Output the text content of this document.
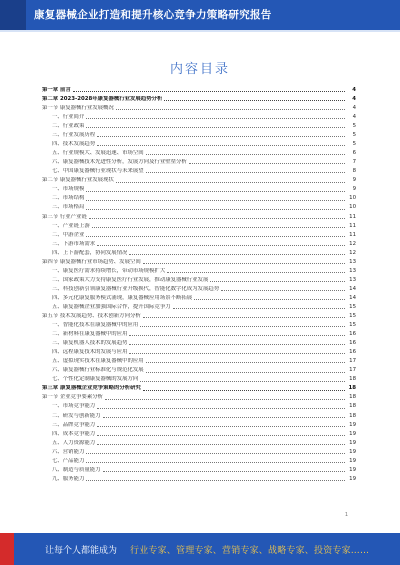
康复器械企业打造和提升核心竞争力策略研究报告
内容目录
第一章 前言	4
第二章 2023-2028年康复器械行业发展趋势分析	4
第一节 康复器械行业发展概况	4
一、行业简介	4
二、行业政策	5
三、行业发展历程	5
四、技术发展趋势	5
五、行业规模大、发展迅速、市场空间	6
六、康复器械技术先进性分析，发展方向及行业壁垒分析	7
七、中国康复器械行业现状与未来展望	8
第二节 康复器械行业发展现状	9
一、市场规模	9
二、市场结构	10
三、市场格局	10
第三节 行业产业链	11
一、产业链上游	11
二、中游企业	11
三、下游市场需求	12
四、上下游配套，协同发展情况	12
第四节 康复器械行业市场趋势、发展空间	13
一、康复医疗需求持续增长，带动市场规模扩大	13
二、国家政策大力支持康复医疗行业发展，推动康复器械行业发展	13
三、科技创新引领康复器械行业升级换代，智能化数字化成为发展趋势	14
四、多元化康复服务模式涌现，康复器械应用场景不断拓展	14
五、康复器械企业加强国际合作，提升国际竞争力	15
第五节 技术发展趋势、技术创新方向分析	15
一、智能化技术在康复器械中的应用	15
二、新材料在康复器械中的应用	16
三、康复机器人技术的发展趋势	16
四、远程康复技术的发展与应用	16
五、虚拟现实技术在康复器械中的应用	17
六、康复器械行业标准化与规范化发展	17
七、个性化定制康复器械的发展方向	18
第三章 康复器械企业竞争策略的分析研究	18
第一节 企业竞争要素分析	18
一、市场竞争能力	18
二、研发与创新能力	18
三、品牌竞争能力	19
四、成本竞争能力	19
五、人力资源能力	19
六、营销能力	19
七、产品能力	19
八、制造与质量能力	19
九、服务能力	19
1
让每个人都能成为 行业专家、管理专家、营销专家、战略专家、投资专家……
